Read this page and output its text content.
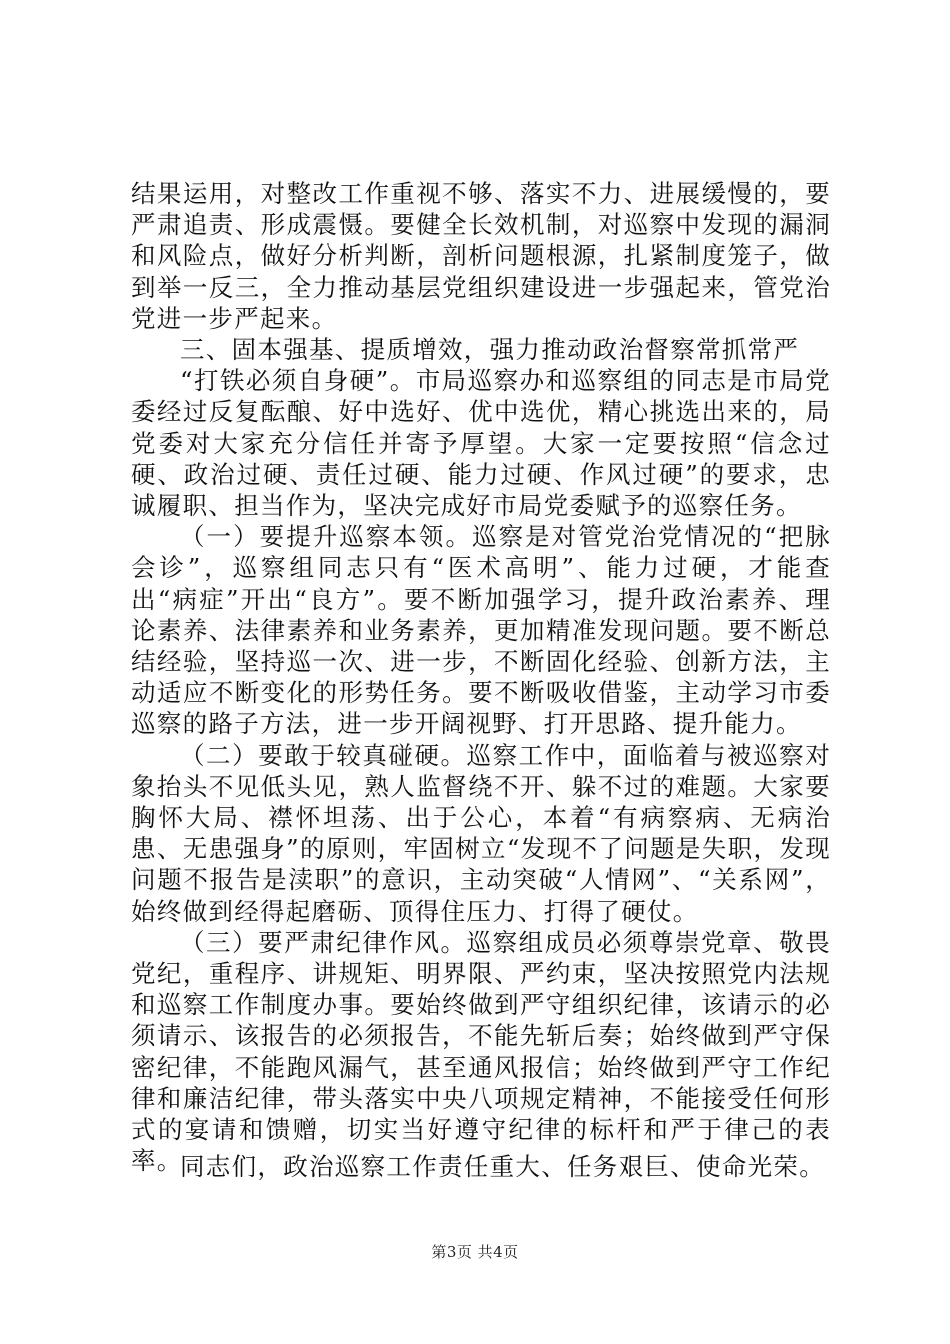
结果运用，对整改工作重视不够、落实不力、进展缓慢的，要严肃追责、形成震慑。要健全长效机制，对巡察中发现的漏洞和风险点，做好分析判断，剖析问题根源，扎紧制度笼子，做到举一反三，全力推动基层党组织建设进一步强起来，管党治党进一步严起来。

三、固本强基、提质增效，强力推动政治督察常抓常严

“打铁必须自身硬”。市局巡察办和巡察组的同志是市局党委经过反复酝酿、好中选好、优中选优，精心挑选出来的，局党委对大家充分信任并寄予厚望。大家一定要按照“信念过硬、政治过硬、责任过硬、能力过硬、作风过硬”的要求，忠诚履职、担当作为，坚决完成好市局党委赋予的巡察任务。

（一）要提升巡察本领。巡察是对管党治党情况的“把脉会诊”，巡察组同志只有“医术高明”、能力过硬，才能查出“病症”开出“良方”。要不断加强学习，提升政治素养、理论素养、法律素养和业务素养，更加精准发现问题。要不断总结经验，坚持巡一次、进一步，不断固化经验、创新方法，主动适应不断变化的形势任务。要不断吸收借鉴，主动学习市委巡察的路子方法，进一步开阔视野、打开思路、提升能力。

（二）要敢于较真碰硬。巡察工作中，面临着与被巡察对象抬头不见低头见，熟人监督绕不开、躲不过的难题。大家要胸怀大局、襟怀坦荡、出于公心，本着“有病察病、无病治患、无患强身”的原则，牢固树立“发现不了问题是失职，发现问题不报告是渎职”的意识，主动突破“人情网”、“关系网”，始终做到经得起磨砺、顶得住压力、打得了硬仗。

（三）要严肃纪律作风。巡察组成员必须尊崇党章、敬畏党纪，重程序、讲规矩、明界限、严约束，坚决按照党内法规和巡察工作制度办事。要始终做到严守组织纪律，该请示的必须请示、该报告的必须报告，不能先斩后奏；始终做到严守保密纪律，不能跑风漏气，甚至通风报信；始终做到严守工作纪律和廉洁纪律，带头落实中央八项规定精神，不能接受任何形式的宴请和馈赠，切实当好遵守纪律的标杆和严于律己的表率。

同志们，政治巡察工作责任重大、任务艰巨、使命光荣。

第3页 共4页
